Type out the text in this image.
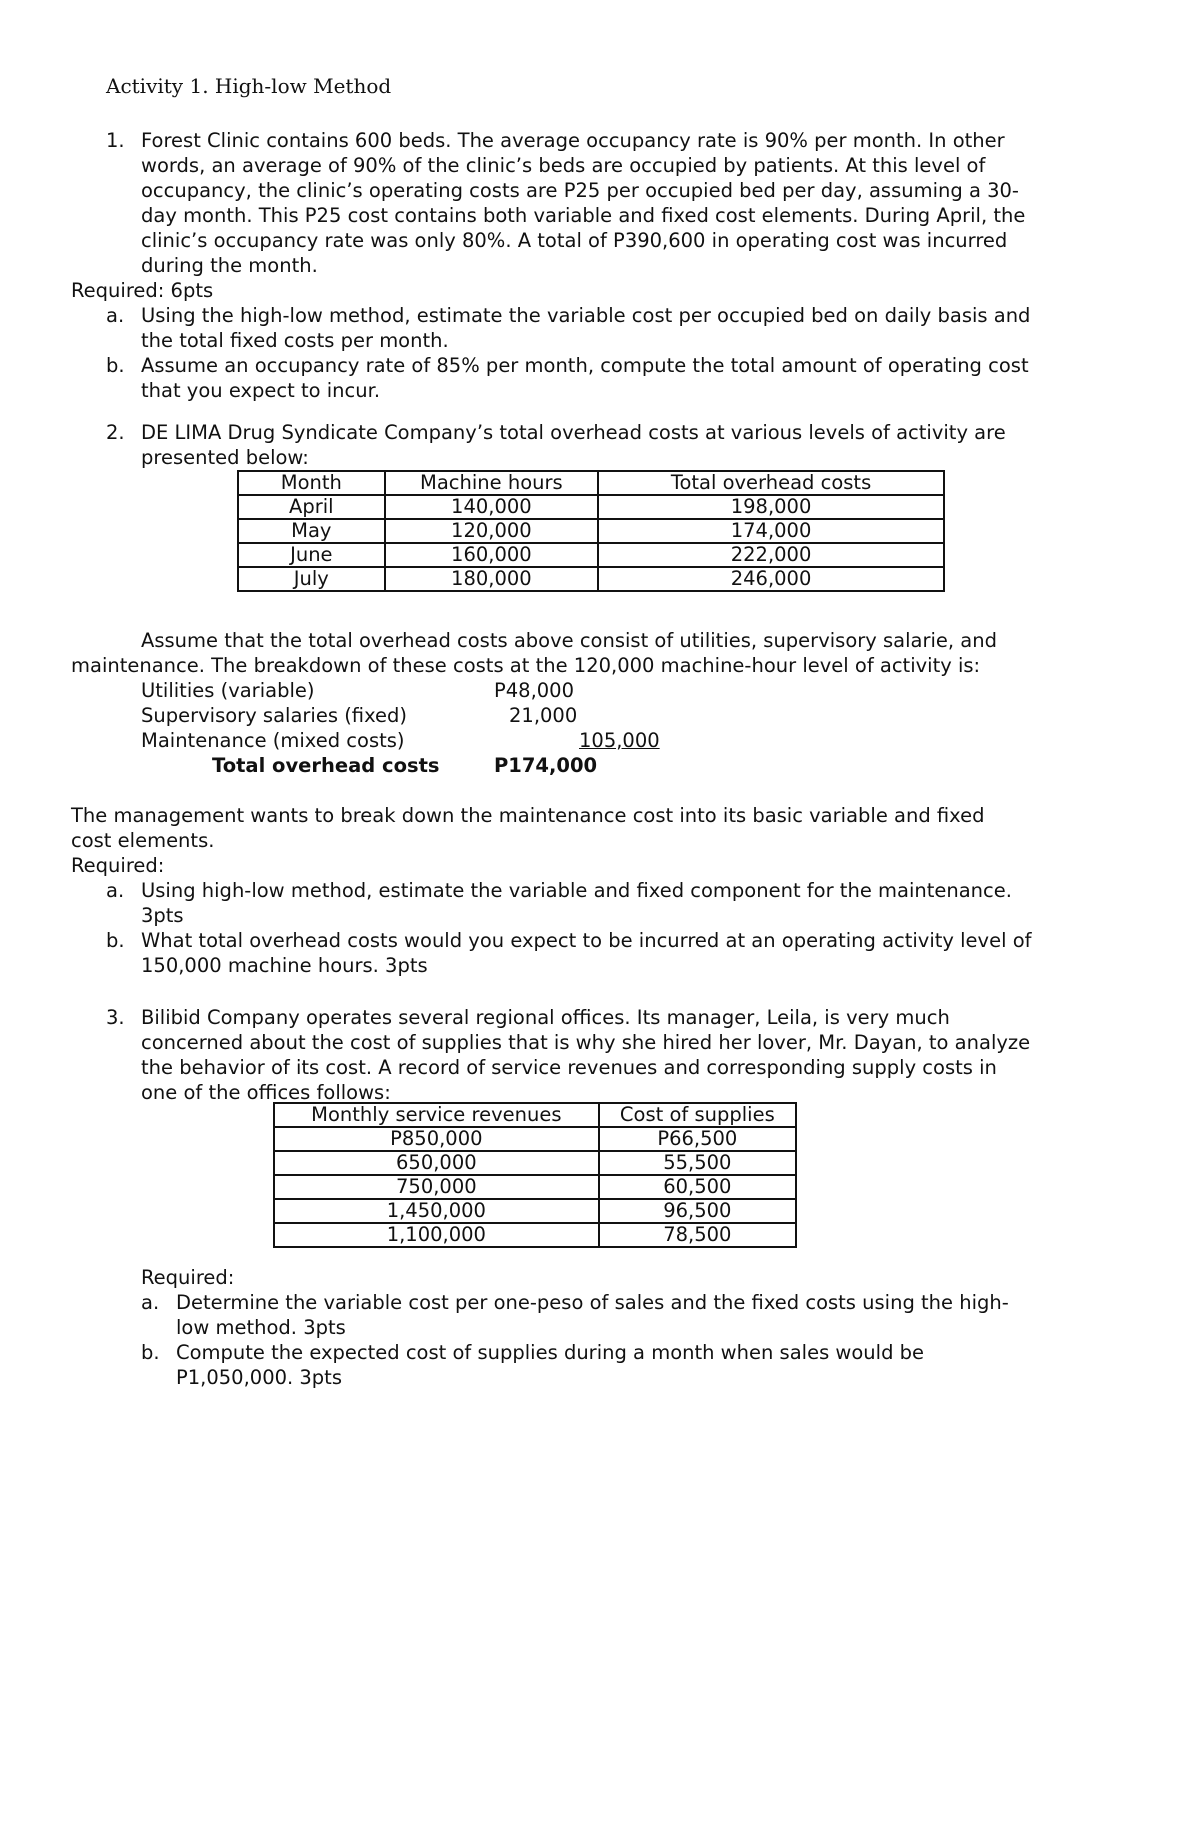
Activity 1. High-low Method
1. Forest Clinic contains 600 beds. The average occupancy rate is 90% per month. In other
words, an average of 90% of the clinic’s beds are occupied by patients. At this level of
occupancy, the clinic’s operating costs are P25 per occupied bed per day, assuming a 30-
day month. This P25 cost contains both variable and fixed cost elements. During April, the
clinic’s occupancy rate was only 80%. A total of P390,600 in operating cost was incurred
during the month.
Required: 6pts
a. Using the high-low method, estimate the variable cost per occupied bed on daily basis and
the total fixed costs per month.
b. Assume an occupancy rate of 85% per month, compute the total amount of operating cost
that you expect to incur.
2. DE LIMA Drug Syndicate Company’s total overhead costs at various levels of activity are
presented below:
Month	Machine hours	Total overhead costs
April	140,000	198,000
May	120,000	174,000
June	160,000	222,000
July	180,000	246,000
Assume that the total overhead costs above consist of utilities, supervisory salarie, and
maintenance. The breakdown of these costs at the 120,000 machine-hour level of activity is:
Utilities (variable)	P48,000
Supervisory salaries (fixed)	21,000
Maintenance (mixed costs)	105,000
Total overhead costs	P174,000
The management wants to break down the maintenance cost into its basic variable and fixed
cost elements.
Required:
a. Using high-low method, estimate the variable and fixed component for the maintenance.
3pts
b. What total overhead costs would you expect to be incurred at an operating activity level of
150,000 machine hours. 3pts
3. Bilibid Company operates several regional offices. Its manager, Leila, is very much
concerned about the cost of supplies that is why she hired her lover, Mr. Dayan, to analyze
the behavior of its cost. A record of service revenues and corresponding supply costs in
one of the offices follows:
Monthly service revenues	Cost of supplies
P850,000	P66,500
650,000	55,500
750,000	60,500
1,450,000	96,500
1,100,000	78,500
Required:
a. Determine the variable cost per one-peso of sales and the fixed costs using the high-
low method. 3pts
b. Compute the expected cost of supplies during a month when sales would be
P1,050,000. 3pts
